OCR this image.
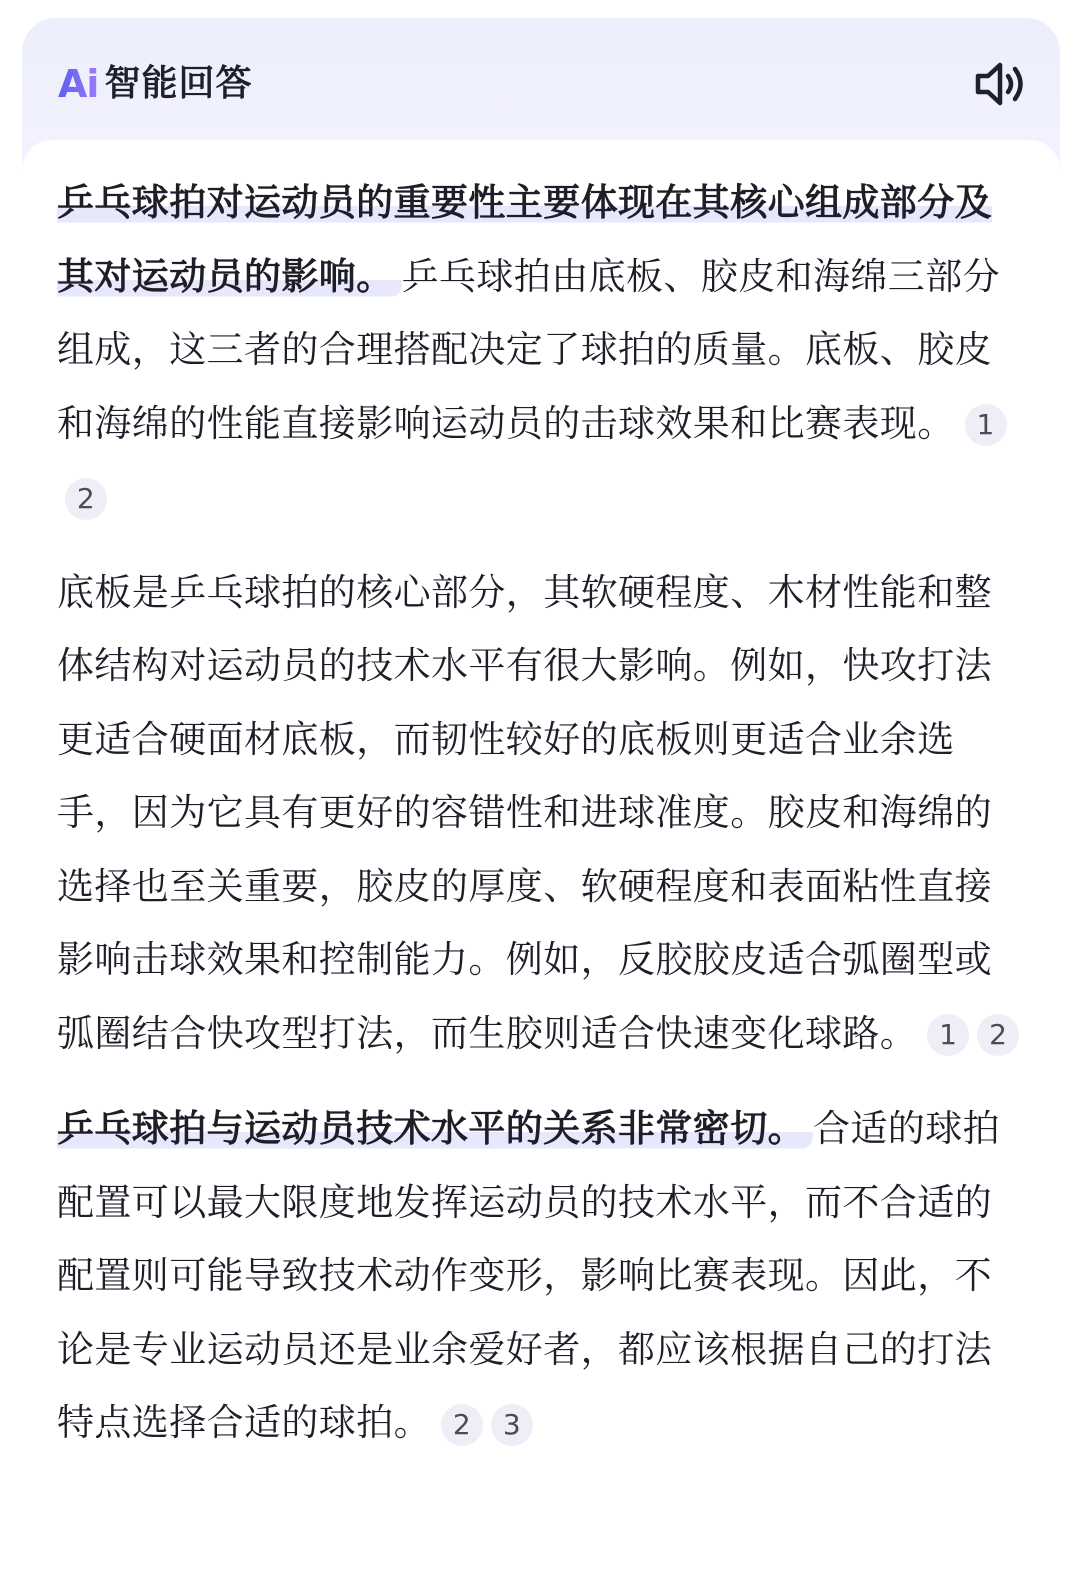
Ai 智能回答

乒乓球拍对运动员的重要性主要体现在其核心组成部分及其对运动员的影响。 乒乓球拍由底板、胶皮和海绵三部分组成，这三者的合理搭配决定了球拍的质量。底板、胶皮和海绵的性能直接影响运动员的击球效果和比赛表现。 12

底板是乒乓球拍的核心部分，其软硬程度、木材性能和整体结构对运动员的技术水平有很大影响。例如，快攻打法更适合硬面材底板，而韧性较好的底板则更适合业余选手，因为它具有更好的容错性和进球准度。胶皮和海绵的选择也至关重要，胶皮的厚度、软硬程度和表面粘性直接影响击球效果和控制能力。例如，反胶胶皮适合弧圈型或弧圈结合快攻型打法，而生胶则适合快速变化球路。 1 2

乒乓球拍与运动员技术水平的关系非常密切。 合适的球拍配置可以最大限度地发挥运动员的技术水平，而不合适的配置则可能导致技术动作变形，影响比赛表现。因此，不论是专业运动员还是业余爱好者，都应该根据自己的打法特点选择合适的球拍。 2 3
